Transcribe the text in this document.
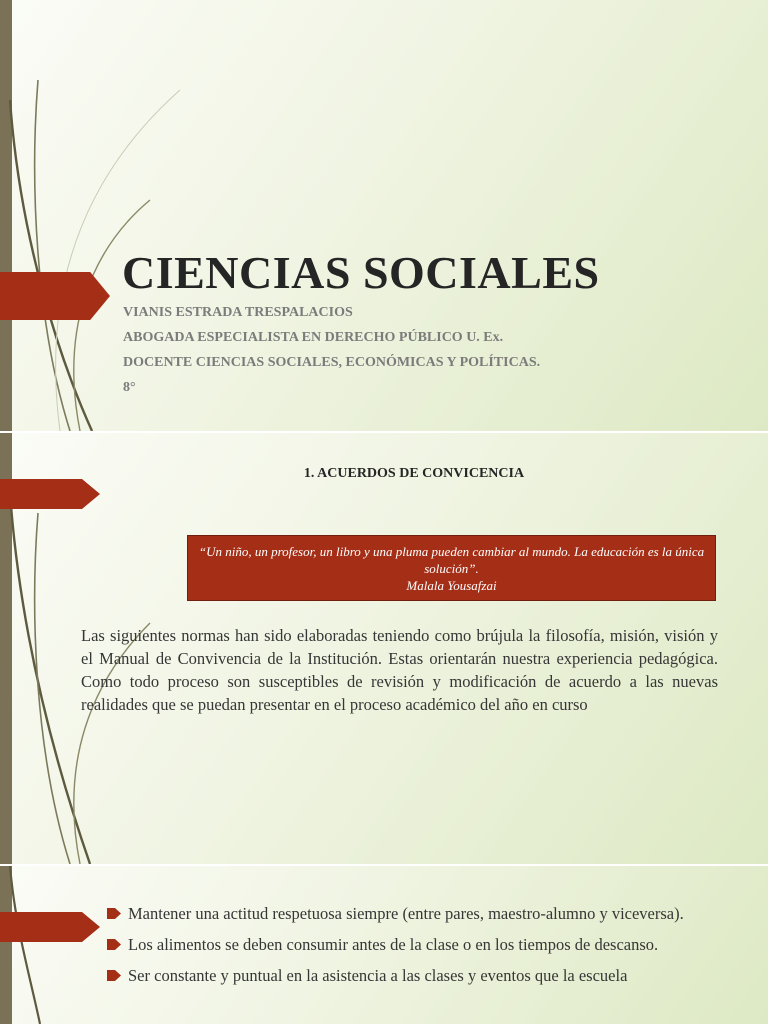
CIENCIAS SOCIALES
VIANIS ESTRADA TRESPALACIOS
ABOGADA ESPECIALISTA EN DERECHO PÚBLICO U. Ex.
DOCENTE CIENCIAS SOCIALES, ECONÓMICAS Y POLÍTICAS.
8°
1. ACUERDOS DE CONVICENCIA
“Un niño, un profesor, un libro y una pluma pueden cambiar al mundo. La educación es la única solución”.
Malala Yousafzai

Las siguientes normas han sido elaboradas teniendo como brújula la filosofía, misión, visión y el Manual de Convivencia de la Institución. Estas orientarán nuestra experiencia pedagógica. Como todo proceso son susceptibles de revisión y modificación de acuerdo a las nuevas realidades que se puedan presentar en el proceso académico del año en curso

Mantener una actitud respetuosa siempre (entre pares, maestro-alumno y viceversa).
Los alimentos se deben consumir antes de la clase o en los tiempos de descanso.
Ser constante y puntual en la asistencia a las clases y eventos que la escuela
